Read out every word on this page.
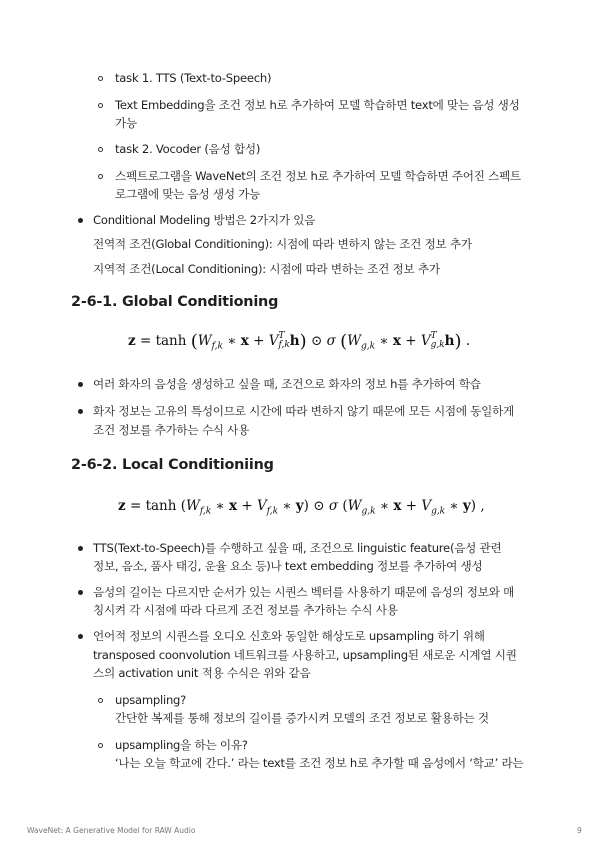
task 1. TTS (Text-to-Speech)
Text Embedding을 조건 정보 h로 추가하여 모델 학습하면 text에 맞는 음성 생성
가능
task 2. Vocoder (음성 합성)
스펙트로그램을 WaveNet의 조건 정보 h로 추가하여 모델 학습하면 주어진 스펙트
로그램에 맞는 음성 생성 가능
Conditional Modeling 방법은 2가지가 있음
전역적 조건(Global Conditioning): 시점에 따라 변하지 않는 조건 정보 추가
지역적 조건(Local Conditioning): 시점에 따라 변하는 조건 정보 추가
2-6-1. Global Conditioning
$z = \tanh (W_{f,k}$ ∗ x + V T
f,k h) ⊙ σ ($W_{g,k}$ ∗ x + V T
g,k h) .
여러 화자의 음성을 생성하고 싶을 때, 조건으로 화자의 정보 h를 추가하여 학습
화자 정보는 고유의 특성이므로 시간에 따라 변하지 않기 때문에 모든 시점에 동일하게
조건 정보를 추가하는 수식 사용
2-6-2. Local Conditioniing
$z = \tanh (W_{f,k}$ ∗ $x + V_{f,k}$ ∗ y) ⊙ σ ($W_{g,k}$ ∗ $x + V_{g,k}$ ∗ y) ,
TTS(Text-to-Speech)를 수행하고 싶을 때, 조건으로 linguistic feature(음성 관련
정보, 음소, 품사 태깅, 운율 요소 등)나 text embedding 정보를 추가하여 생성
음성의 길이는 다르지만 순서가 있는 시퀀스 벡터를 사용하기 때문에 음성의 정보와 매
칭시켜 각 시점에 따라 다르게 조건 정보를 추가하는 수식 사용
언어적 정보의 시퀀스를 오디오 신호와 동일한 해상도로 upsampling 하기 위해
transposed coonvolution 네트워크를 사용하고, upsampling된 새로운 시계열 시퀀
스의 activation unit 적용 수식은 위와 같음
upsampling?
간단한 복제를 통해 정보의 길이를 증가시켜 모델의 조건 정보로 활용하는 것
upsampling을 하는 이유?
‘나는 오늘 학교에 간다.’ 라는 text를 조건 정보 h로 추가할 때 음성에서 ‘학교’ 라는
WaveNet: A Generative Model for RAW Audio	9
